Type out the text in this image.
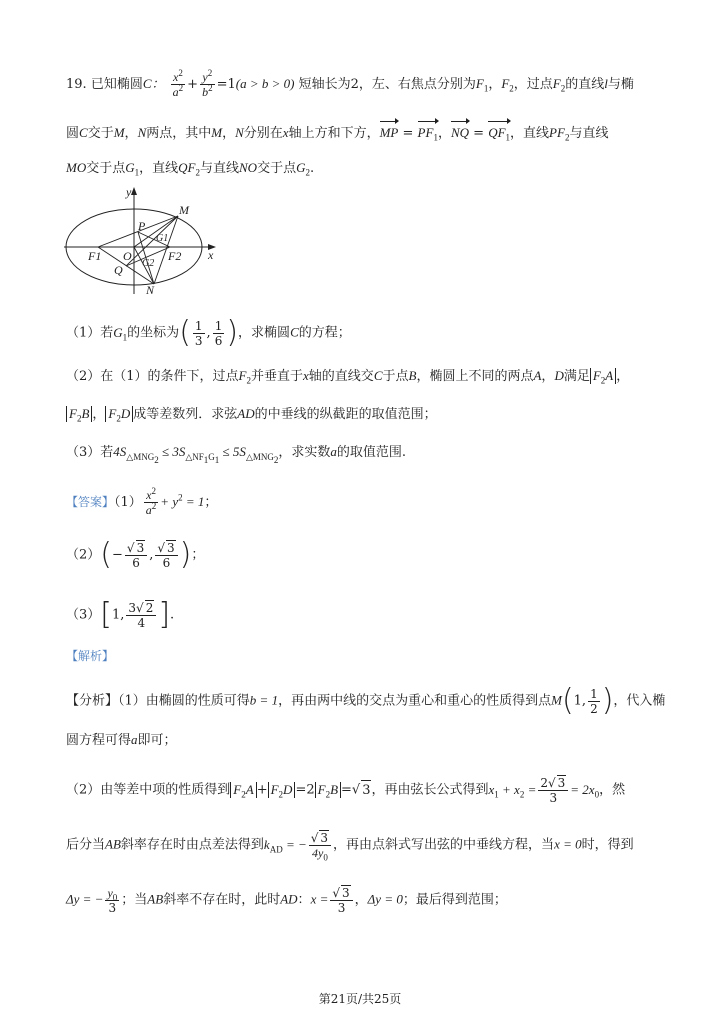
19. 已知椭圆C： $\frac{x^2}{a^2} + \frac{y^2}{b^2} =1(a > b > 0)$ 短轴长为2，左、右焦点分别为$F_1$，$F_2$，过点$F_2$的直线l与椭
圆C交于M，N两点，其中M，N分别在x轴上方和下方，MP = $PF_1$，NQ = $QF_1$，直线$PF_2$与直线
MO交于点$G_1$，直线$QF_2$与直线NO交于点$G_2$.
y
x
M
P
G1
F1 O
G2
F2
Q
N
（1）若$G_1$的坐标为( $\frac{1}{3}$ , $\frac{1}{6}$ )，求椭圆C的方程；
（2）在（1）的条件下，过点$F_2$并垂直于x轴的直线交C于点B，椭圆上不同的两点A，D满足 $F_2A$ ，
$F_2B$ ， $F_2D$ 成等差数列．求弦AD的中垂线的纵截距的取值范围；
（3）若$4S_{\triangle MNG_2} \le 3S_{\triangle NF_1G_1} \le 5S_{\triangle MNG_2}$，求实数a的取值范围.
【答案】$(1) \frac{x^2}{a^2} + y^2 = 1$；
$(2)(- \frac{√ 3}{6}$ , $\frac{√ 3}{6}$ )；
（3）[1, $\frac{3√ 2}{4}$ ].
【解析】
【分析】（1）由椭圆的性质可得b = 1，再由两中线的交点为重心和重心的性质得到点M(1, $\frac{1}{2}$ )，代入椭
圆方程可得a即可；
（2）由等差中项的性质得到 $F_2A + F_2D =2$ $F_2B$ =√ 3，再由弦长公式得到$x_1 + x_2 = \frac{2√ 3}{3} = 2x_0$，然
后分当AB斜率存在时由点差法得到$k_{AD}$ = − $\frac{√ 3}{4y_0}$ ，再由点斜式写出弦的中垂线方程，当x = 0时，得到
Δy = − $\frac{y_0}{3}$ ；当AB斜率不存在时，此时AD：$x = \frac{√ 3}{3}$ ，Δy = 0；最后得到范围；
第21页/共25页
